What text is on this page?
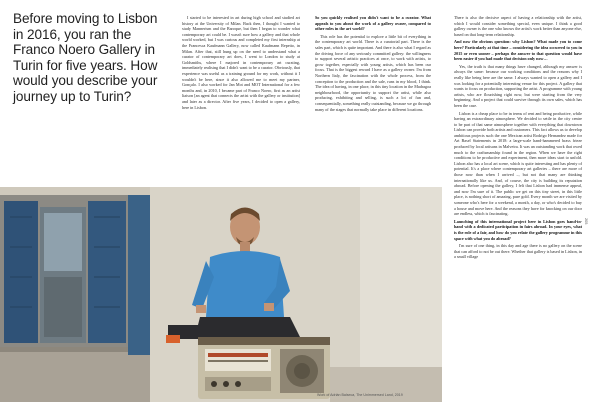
Before moving to Lisbon in 2016, you ran the Franco Noero Gallery in Turin for five years. How would you describe your journey up to Turin?

I started to be interested in art during high school and studied art history at the University of Milan. Back then, I thought I wanted to study Mannerism and the Baroque, but then I began to wonder what contemporary art could be. I wasn't sure how a gallery and that whole world worked, but I was curious and completed my first internship at the Francesca Kaufmann Gallery, now called Kaufmann Repetto, in Milan. After that, still hung up on the need to understand what a curator of contemporary art does, I went to London to study at Goldsmiths, where I majored in contemporary art curating, immediately realising that I didn't want to be a curator. Obviously, that experience was useful as a training ground for my work, without it I wouldn't be here, since it also allowed me to meet my partner, Gonçalo. I also worked for Jan Mot and MOT International for a few months and, in 2010, I became part of Franco Noero, first as an artist liaison [an agent that connects the artist with the gallery or institution] and later as a director. After five years, I decided to open a gallery, here in Lisbon.

So you quickly realised you didn't want to be a curator. What appeals to you about the work of a gallery owner, compared to other roles in the art world?

This role has the potential to explore a little bit of everything in the contemporary art world. There is a curatorial part. There is the sales part, which is quite important. And there is also what I regard as the driving force of any seriously committed gallery: the willingness to support several artistic practices at once, to work with artists, to grow together, especially with young artists, which has been our focus. That is the biggest reward I have as a gallery owner. I'm from Northern Italy, the fascination with the whole process, from the conception to the production and the sale, runs in my blood, I think. The idea of having, in one place, in this tiny location in the Madragoa neighbourhood, the opportunity to support the artist, while also producing, exhibiting and selling, is such a lot of fun and, consequentially, something really outstanding, because we go through many of the stages that normally take place in different locations.

There is also the decisive aspect of having a relationship with the artist, which I would consider something special, even unique. I think a good gallery owner is the one who knows the artist's work better than anyone else, based on that long-term relationship.

And now the obvious question: why Lisbon? What made you to come here? Particularly at that time – considering the idea occurred to you in 2015 or even sooner – perhaps the answer to that question would have been easier if you had made that decision only now…

Yes, the truth is that many things have changed, although my answer is always the same: because our working conditions and the reasons why I really like being here are the same. I always wanted to open a gallery and I was looking for a potentially interesting venue for this project. A gallery that wants to focus on production, supporting the artist. A programme with young artists, who are flourishing right now, but were starting from the very beginning. And a project that could survive through its own sales, which has been the case.

Lisbon is a cheap place to be in terms of rent and being productive, while having an extraordinary atmosphere. We decided to settle in the city centre to be part of that same atmosphere together with everything that downtown Lisbon can provide both artists and customers. This fact allows us to develop ambitious projects such the one Mexican artist Rodrigo Hernandez made for Art Basel Statements in 2018: a large-scale hand-hammered brass frieze produced by local artisans in Malveira. It was an outstanding work that owed much to the craftsmanship found in the region. When we have the right conditions to be productive and experiment, then more ideas start to unfold. Lisbon also has a local art scene, which is quite interesting and has plenty of potential. It's a place where contemporary art galleries – there are more of those now than when I arrived –, but not that many are thinking internationally like us. And, of course, the city is building its reputation abroad. Before opening the gallery, I felt that Lisbon had immense appeal, and now I'm sure of it. The public we get on this tiny street, in this little place, is nothing short of amazing, pure gold. Every month we are visited by someone who's here for a weekend, a month, a day, or who's decided to buy a house and move here. And the reasons they have for knocking on our door are endless, which is fascinating.

Launching of this international project here in Lisbon goes hand-in-hand with a dedicated participation in fairs abroad. In your eyes, what is the role of a fair, and how do you relate the gallery programme in this space with what you do abroad?

I'm sure of one thing, in this day and age there is no gallery on the scene that can afford to not be out there. Whether that gallery is based in Lisbon, in a small village

Work of Adrián Balseca, The Unimmersed Land, 2019
205
